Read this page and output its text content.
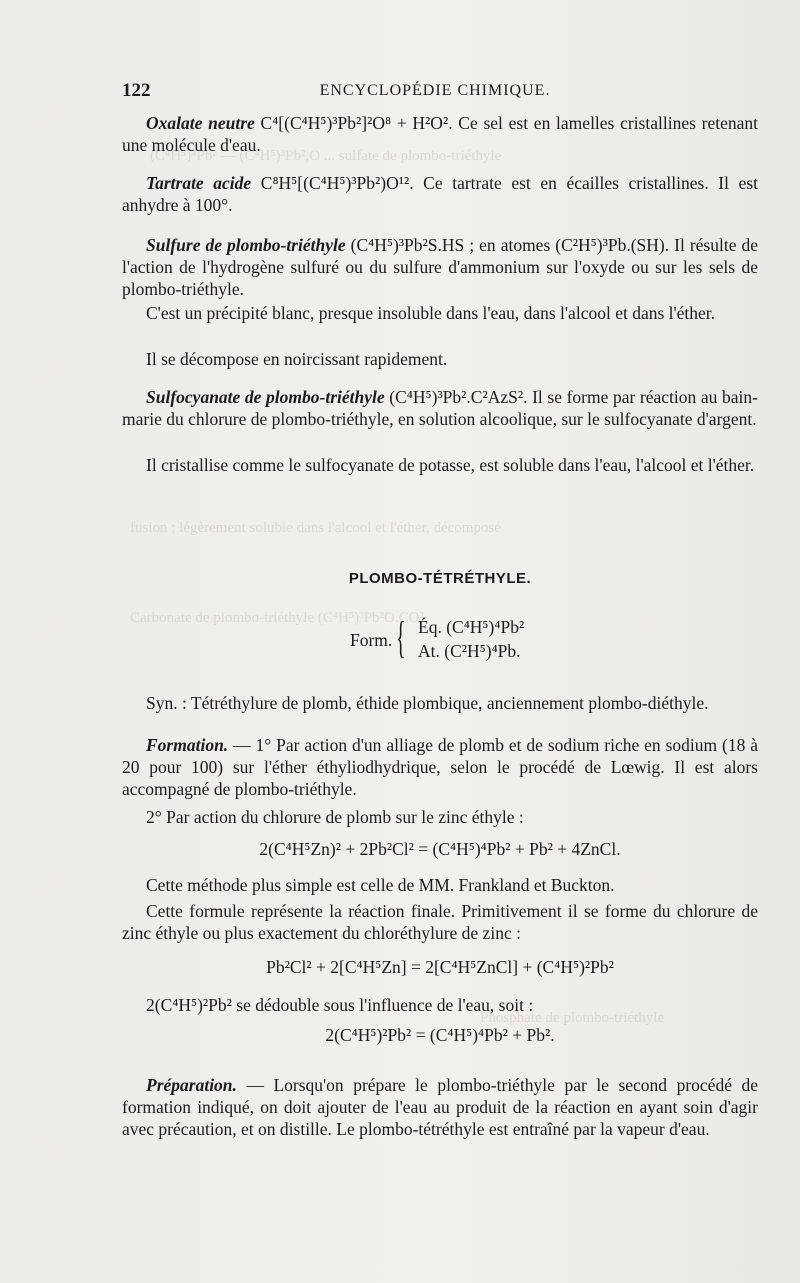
(C⁴H⁵)⁴Pb² — (C⁴H⁵)³Pb²,O ... sulfate de plombo-triéthyle
fusion ; légèrement soluble dans l'alcool et l'éther, décomposé
Carbonate de plombo-triéthyle (C⁴H⁵)³Pb²O.CO²
Phosphate de plombo-triéthyle
122	ENCYCLOPÉDIE CHIMIQUE.

Oxalate neutre C⁴[(C⁴H⁵)³Pb²]²O⁸ + H²O². Ce sel est en lamelles cristallines retenant une molécule d'eau.

Tartrate acide C⁸H⁵[(C⁴H⁵)³Pb²)O¹². Ce tartrate est en écailles cristallines. Il est anhydre à 100°.

Sulfure de plombo-triéthyle (C⁴H⁵)³Pb²S.HS ; en atomes (C²H⁵)³Pb.(SH). Il résulte de l'action de l'hydrogène sulfuré ou du sulfure d'ammonium sur l'oxyde ou sur les sels de plombo-triéthyle.

C'est un précipité blanc, presque insoluble dans l'eau, dans l'alcool et dans l'éther.

Il se décompose en noircissant rapidement.

Sulfocyanate de plombo-triéthyle (C⁴H⁵)³Pb².C²AzS². Il se forme par réaction au bain-marie du chlorure de plombo-triéthyle, en solution alcoolique, sur le sulfocyanate d'argent.

Il cristallise comme le sulfocyanate de potasse, est soluble dans l'eau, l'alcool et l'éther.

PLOMBO-TÉTRÉTHYLE.
Form. { Éq. (C⁴H⁵)⁴Pb²
At. (C²H⁵)⁴Pb.

Syn. : Tétréthylure de plomb, éthide plombique, anciennement plombo-diéthyle.

Formation. — 1° Par action d'un alliage de plomb et de sodium riche en sodium (18 à 20 pour 100) sur l'éther éthyliodhydrique, selon le procédé de Lœwig. Il est alors accompagné de plombo-triéthyle.

2° Par action du chlorure de plomb sur le zinc éthyle :

2(C⁴H⁵Zn)² + 2Pb²Cl² = (C⁴H⁵)⁴Pb² + Pb² + 4ZnCl.

Cette méthode plus simple est celle de MM. Frankland et Buckton.

Cette formule représente la réaction finale. Primitivement il se forme du chlorure de zinc éthyle ou plus exactement du chloréthylure de zinc :

Pb²Cl² + 2[C⁴H⁵Zn] = 2[C⁴H⁵ZnCl] + (C⁴H⁵)²Pb²

2(C⁴H⁵)²Pb² se dédouble sous l'influence de l'eau, soit :

2(C⁴H⁵)²Pb² = (C⁴H⁵)⁴Pb² + Pb².

Préparation. — Lorsqu'on prépare le plombo-triéthyle par le second procédé de formation indiqué, on doit ajouter de l'eau au produit de la réaction en ayant soin d'agir avec précaution, et on distille. Le plombo-tétréthyle est entraîné par la vapeur d'eau.
